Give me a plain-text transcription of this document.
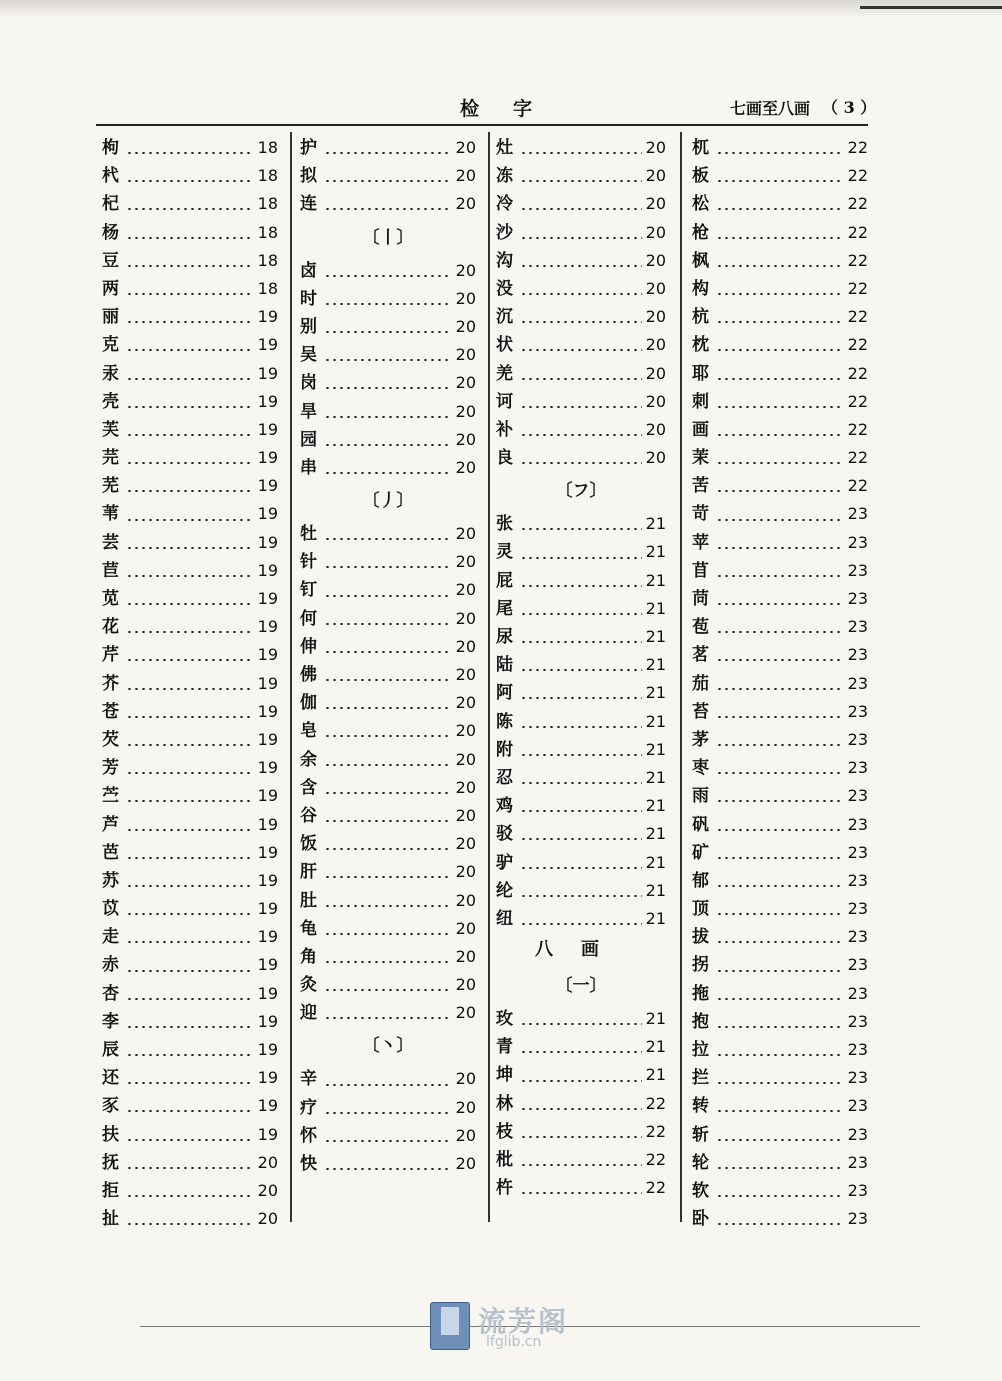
检字	七画至八画 （ 3 ）
枸	18
杙	18
杞	18
杨	18
豆	18
两	18
丽	19
克	19
汞	19
壳	19
芙	19
芫	19
芜	19
苇	19
芸	19
苣	19
苋	19
花	19
芹	19
芥	19
苍	19
芡	19
芳	19
苎	19
芦	19
芭	19
苏	19
苡	19
走	19
赤	19
杏	19
李	19
辰	19
还	19
豕	19
扶	19
抚	20
拒	20
扯	20
护	20
拟	20
连	20
〔丨〕
卤	20
时	20
别	20
吴	20
岗	20
旱	20
园	20
串	20
〔丿〕
牡	20
针	20
钉	20
何	20
伸	20
佛	20
伽	20
皂	20
余	20
含	20
谷	20
饭	20
肝	20
肚	20
龟	20
角	20
灸	20
迎	20
〔丶〕
辛	20
疗	20
怀	20
快	20
灶	20
冻	20
冷	20
沙	20
沟	20
没	20
沉	20
状	20
羌	20
诃	20
补	20
良	20
〔フ〕
张	21
灵	21
屁	21
尾	21
尿	21
陆	21
阿	21
陈	21
附	21
忍	21
鸡	21
驳	21
驴	21
纶	21
纽	21
八画
〔一〕
玫	21
青	21
坤	21
林	22
枝	22
枇	22
杵	22
杌	22
板	22
松	22
枪	22
枫	22
构	22
杭	22
枕	22
耶	22
刺	22
画	22
茉	22
苦	22
苛	23
苹	23
苜	23
苘	23
苞	23
茗	23
茄	23
苔	23
茅	23
枣	23
雨	23
矾	23
矿	23
郁	23
顶	23
拔	23
拐	23
拖	23
抱	23
拉	23
拦	23
转	23
斩	23
轮	23
软	23
卧	23
流芳阁
lfglib.cn
